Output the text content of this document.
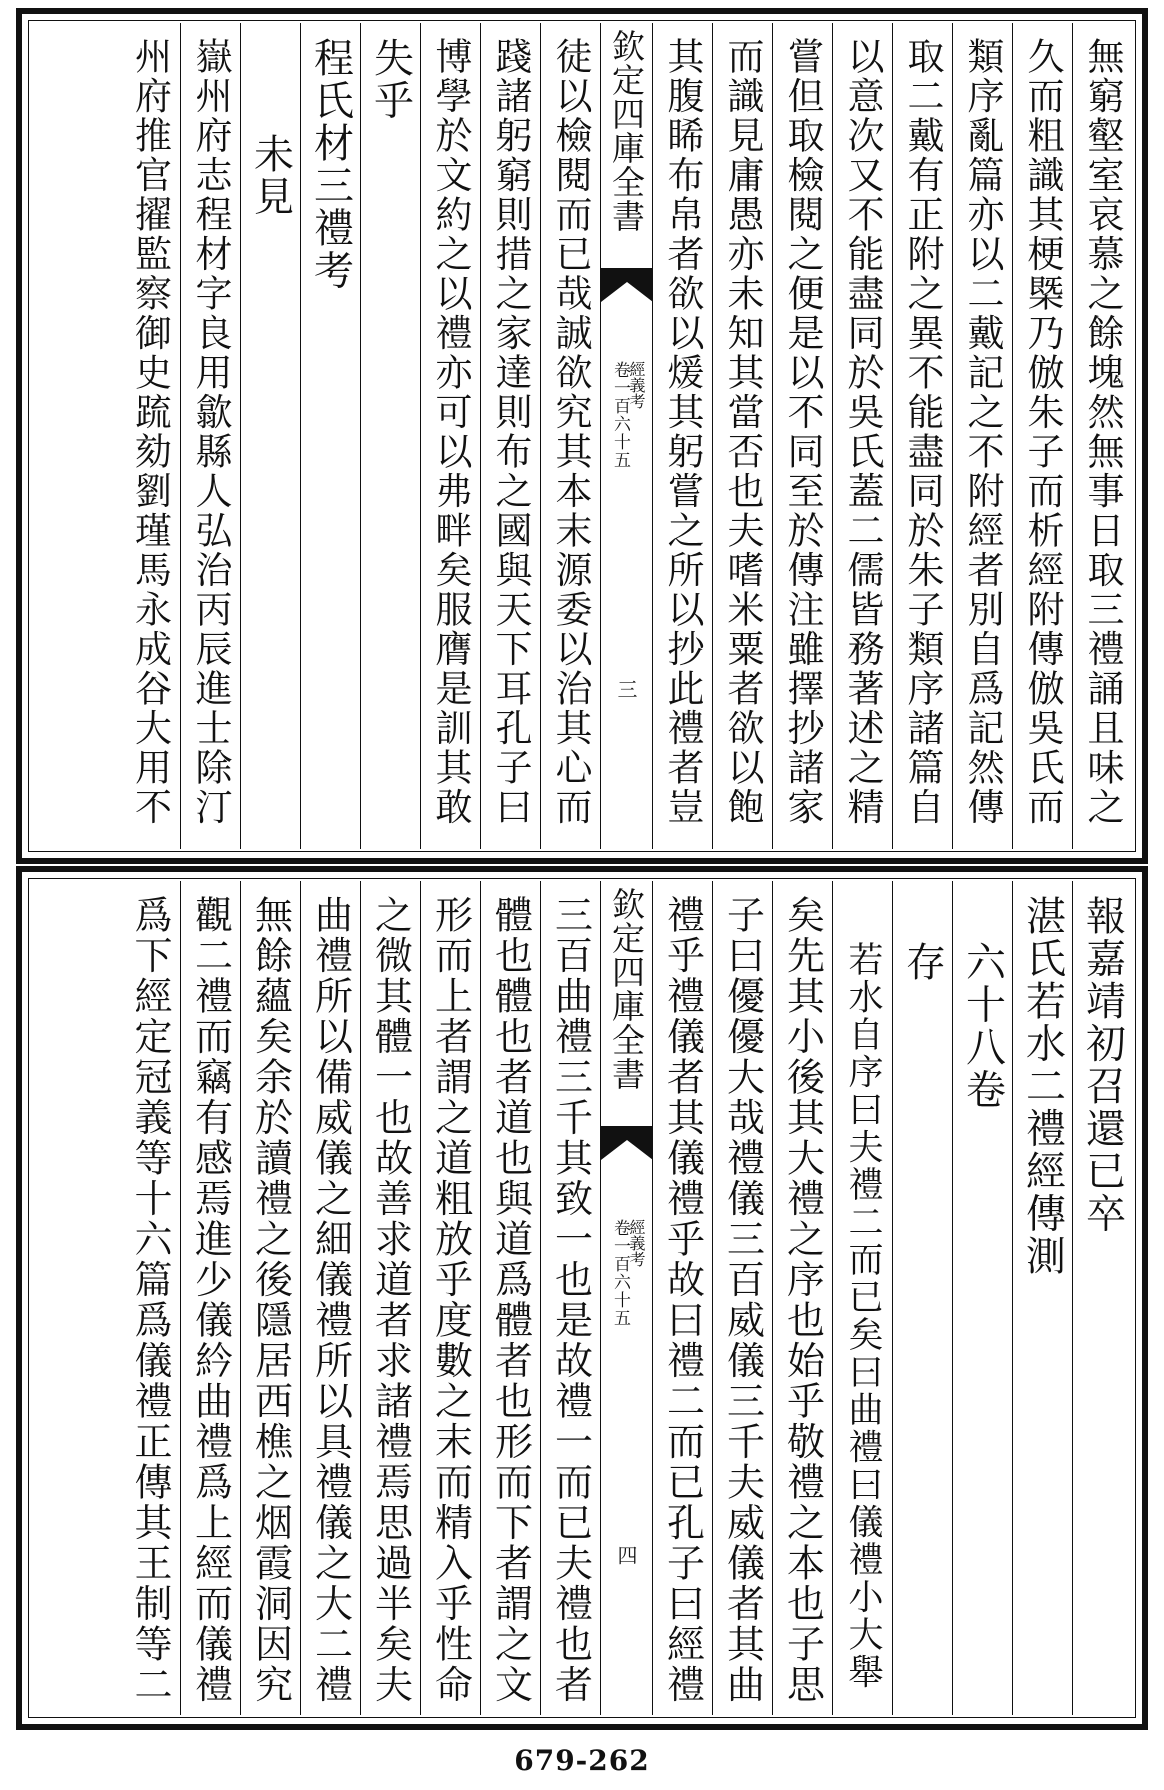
無窮壑室哀慕之餘塊然無事日取三禮誦且味之
久而粗識其梗槩乃倣朱子而析經附傳倣吳氏而
類序亂篇亦以二戴記之不附經者別自爲記然傳
取二戴有正附之異不能盡同於朱子類序諸篇自
以意次又不能盡同於吳氏蓋二儒皆務著述之精
嘗但取檢閱之便是以不同至於傳注雖擇抄諸家
而識見庸愚亦未知其當否也夫嗜米粟者欲以飽
其腹睎布帛者欲以煖其躬嘗之所以抄此禮者豈
欽定四庫全書
經義考
卷一百六十五
三
徒以檢閱而已哉誠欲究其本末源委以治其心而
踐諸躬窮則措之家達則布之國與天下耳孔子曰
博學於文約之以禮亦可以弗畔矣服膺是訓其敢
失乎
程氏材三禮考
未見
嶽州府志程材字良用歙縣人弘治丙辰進士除汀
州府推官擢監察御史䟽劾劉瑾馬永成谷大用不
報嘉靖初召還已卒
湛氏若水二禮經傳測
六十八卷
存
若水自序曰夫禮二而已矣曰曲禮曰儀禮小大舉
矣先其小後其大禮之序也始乎敬禮之本也子思
子曰優優大哉禮儀三百威儀三千夫威儀者其曲
禮乎禮儀者其儀禮乎故曰禮二而已孔子曰經禮
欽定四庫全書
經義考
卷一百六十五
四
三百曲禮三千其致一也是故禮一而已夫禮也者
體也體也者道也與道爲體者也形而下者謂之文
形而上者謂之道粗放乎度數之末而精入乎性命
之微其體一也故善求道者求諸禮焉思過半矣夫
曲禮所以備威儀之細儀禮所以具禮儀之大二禮
無餘蘊矣余於讀禮之後隱居西樵之烟霞洞因究
觀二禮而竊有感焉進少儀紟曲禮爲上經而儀禮
爲下經定冠義等十六篇爲儀禮正傳其王制等二
679-262
